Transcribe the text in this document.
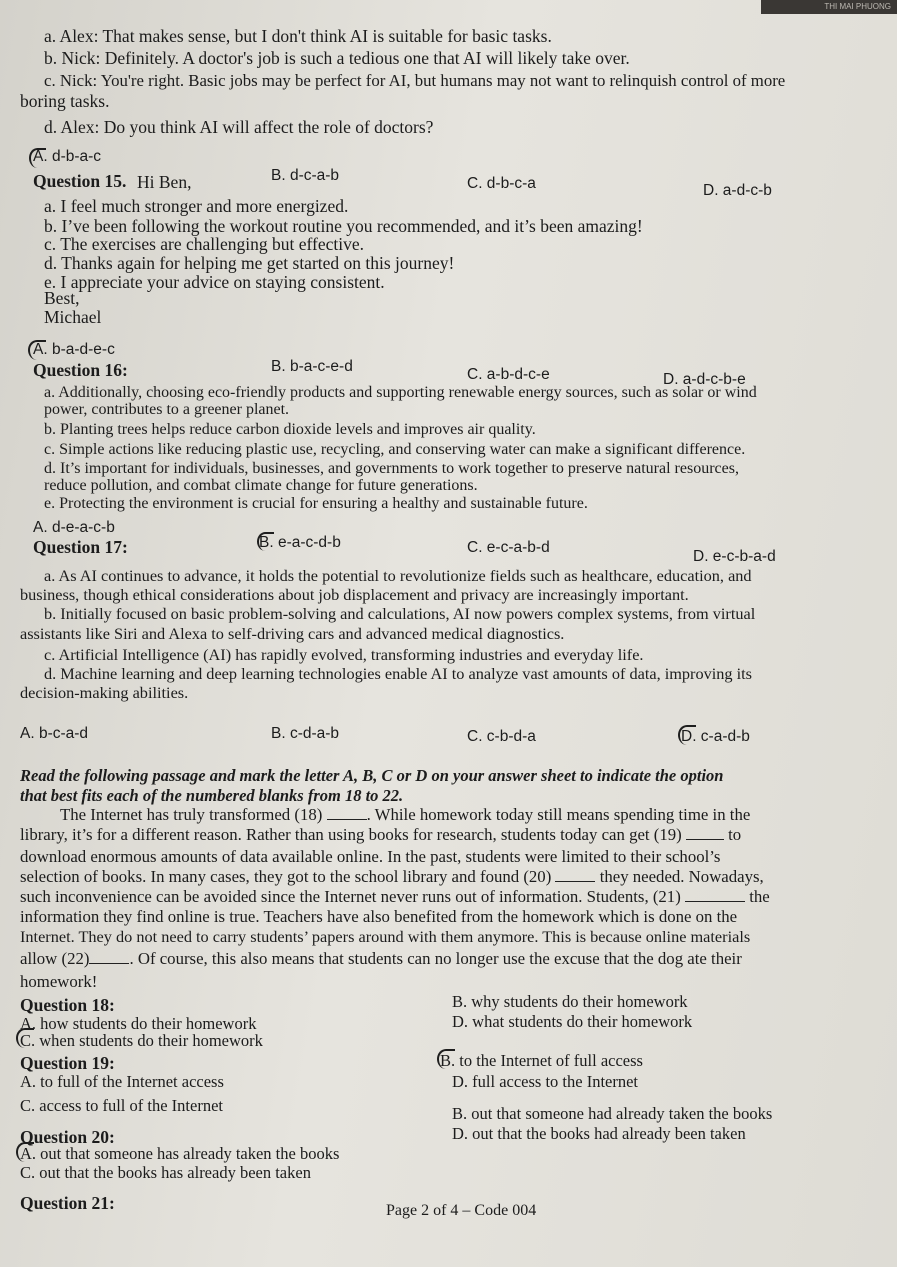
THI MAI PHUONG
a. Alex: That makes sense, but I don't think AI is suitable for basic tasks.
b. Nick: Definitely. A doctor's job is such a tedious one that AI will likely take over.
c. Nick: You're right. Basic jobs may be perfect for AI, but humans may not want to relinquish control of more
boring tasks.
d. Alex: Do you think AI will affect the role of doctors?
A. d-b-a-c
B. d-c-a-b	C. d-b-c-a	D. a-d-c-b
Question 15. Hi Ben,
a. I feel much stronger and more energized.
b. I’ve been following the workout routine you recommended, and it’s been amazing!
c. The exercises are challenging but effective.
d. Thanks again for helping me get started on this journey!
e. I appreciate your advice on staying consistent.
Best,
Michael
A. b-a-d-e-c
B. b-a-c-e-d	C. a-b-d-c-e	D. a-d-c-b-e
Question 16:
a. Additionally, choosing eco-friendly products and supporting renewable energy sources, such as solar or wind
power, contributes to a greener planet.
b. Planting trees helps reduce carbon dioxide levels and improves air quality.
c. Simple actions like reducing plastic use, recycling, and conserving water can make a significant difference.
d. It’s important for individuals, businesses, and governments to work together to preserve natural resources,
reduce pollution, and combat climate change for future generations.
e. Protecting the environment is crucial for ensuring a healthy and sustainable future.
A. d-e-a-c-b
B. e-a-c-d-b	C. e-c-a-b-d
D. e-c-b-a-d
Question 17:
a. As AI continues to advance, it holds the potential to revolutionize fields such as healthcare, education, and
business, though ethical considerations about job displacement and privacy are increasingly important.
b. Initially focused on basic problem-solving and calculations, AI now powers complex systems, from virtual
assistants like Siri and Alexa to self-driving cars and advanced medical diagnostics.
c. Artificial Intelligence (AI) has rapidly evolved, transforming industries and everyday life.
d. Machine learning and deep learning technologies enable AI to analyze vast amounts of data, improving its
decision-making abilities.
A. b-c-a-d	B. c-d-a-b	C. c-b-d-a	D. c-a-d-b
Read the following passage and mark the letter A, B, C or D on your answer sheet to indicate the option
that best fits each of the numbered blanks from 18 to 22.
The Internet has truly transformed (18)	. While homework today still means spending time in the
library, it’s for a different reason. Rather than using books for research, students today can get (19)	to
download enormous amounts of data available online. In the past, students were limited to their school’s
selection of books. In many cases, they got to the school library and found (20)	they needed. Nowadays,
such inconvenience can be avoided since the Internet never runs out of information. Students, (21)	the
information they find online is true. Teachers have also benefited from the homework which is done on the
Internet. They do not need to carry students’ papers around with them anymore. This is because online materials
allow (22) . Of course, this also means that students can no longer use the excuse that the dog ate their
homework!
Question 18:	B. why students do their homework
A. how students do their homework	D. what students do their homework
C. when students do their homework
Question 19:	B. to the Internet of full access
A. to full of the Internet access	D. full access to the Internet
C. access to full of the Internet
Question 20:
B. out that someone had already taken the books
A. out that someone has already taken the books
D. out that the books had already been taken
C. out that the books has already been taken
Question 21:	Page 2 of 4 – Code 004
